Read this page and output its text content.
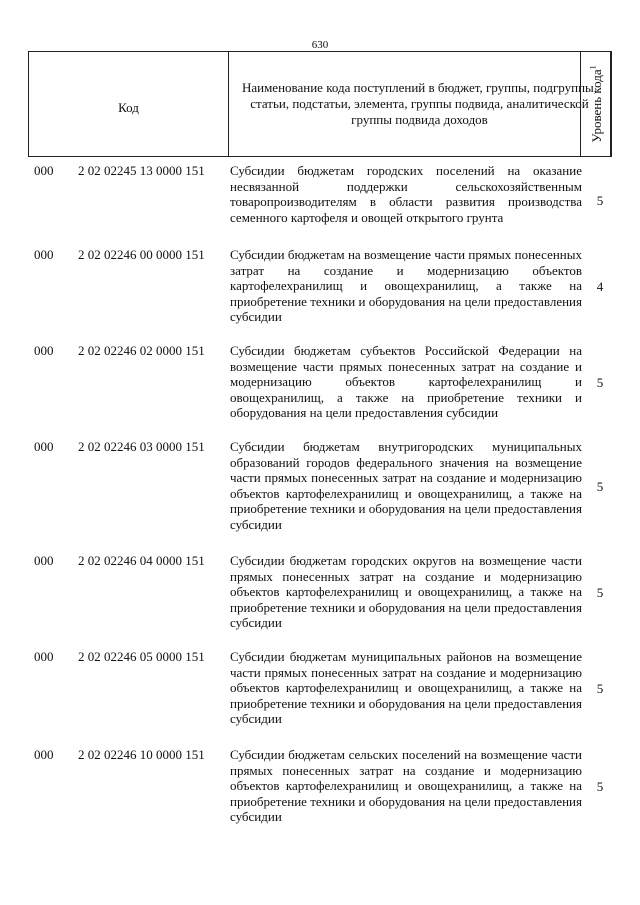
630
Код
Наименование кода поступлений в бюджет, группы, подгруппы, статьи, подстатьи, элемента, группы подвида, аналитической группы подвида доходов	Уровень кода$^1$
000 2 02 02245 13 0000 151 Субсидии бюджетам городских поселений на оказание несвязанной поддержки сельскохозяйственным товаропроизводителям в области развития производства семенного картофеля и овощей открытого грунта
5
000 2 02 02246 00 0000 151 Субсидии бюджетам на возмещение части прямых понесенных затрат на создание и модернизацию объектов картофелехранилищ и овощехранилищ, а также на приобретение техники и оборудования на цели предоставления субсидии
4
000 2 02 02246 02 0000 151 Субсидии бюджетам субъектов Российской Федерации на возмещение части прямых понесенных затрат на создание и модернизацию объектов картофелехранилищ и овощехранилищ, а также на приобретение техники и оборудования на цели предоставления субсидии
5
000 2 02 02246 03 0000 151 Субсидии бюджетам внутригородских муниципальных образований городов федерального значения на возмещение части прямых понесенных затрат на создание и модернизацию объектов картофелехранилищ и овощехранилищ, а также на приобретение техники и оборудования на цели предоставления субсидии
5
000 2 02 02246 04 0000 151 Субсидии бюджетам городских округов на возмещение части прямых понесенных затрат на создание и модернизацию объектов картофелехранилищ и овощехранилищ, а также на приобретение техники и оборудования на цели предоставления субсидии
5
000 2 02 02246 05 0000 151 Субсидии бюджетам муниципальных районов на возмещение части прямых понесенных затрат на создание и модернизацию объектов картофелехранилищ и овощехранилищ, а также на приобретение техники и оборудования на цели предоставления субсидии
5
000 2 02 02246 10 0000 151 Субсидии бюджетам сельских поселений на возмещение части прямых понесенных затрат на создание и модернизацию объектов картофелехранилищ и овощехранилищ, а также на приобретение техники и оборудования на цели предоставления субсидии
5
